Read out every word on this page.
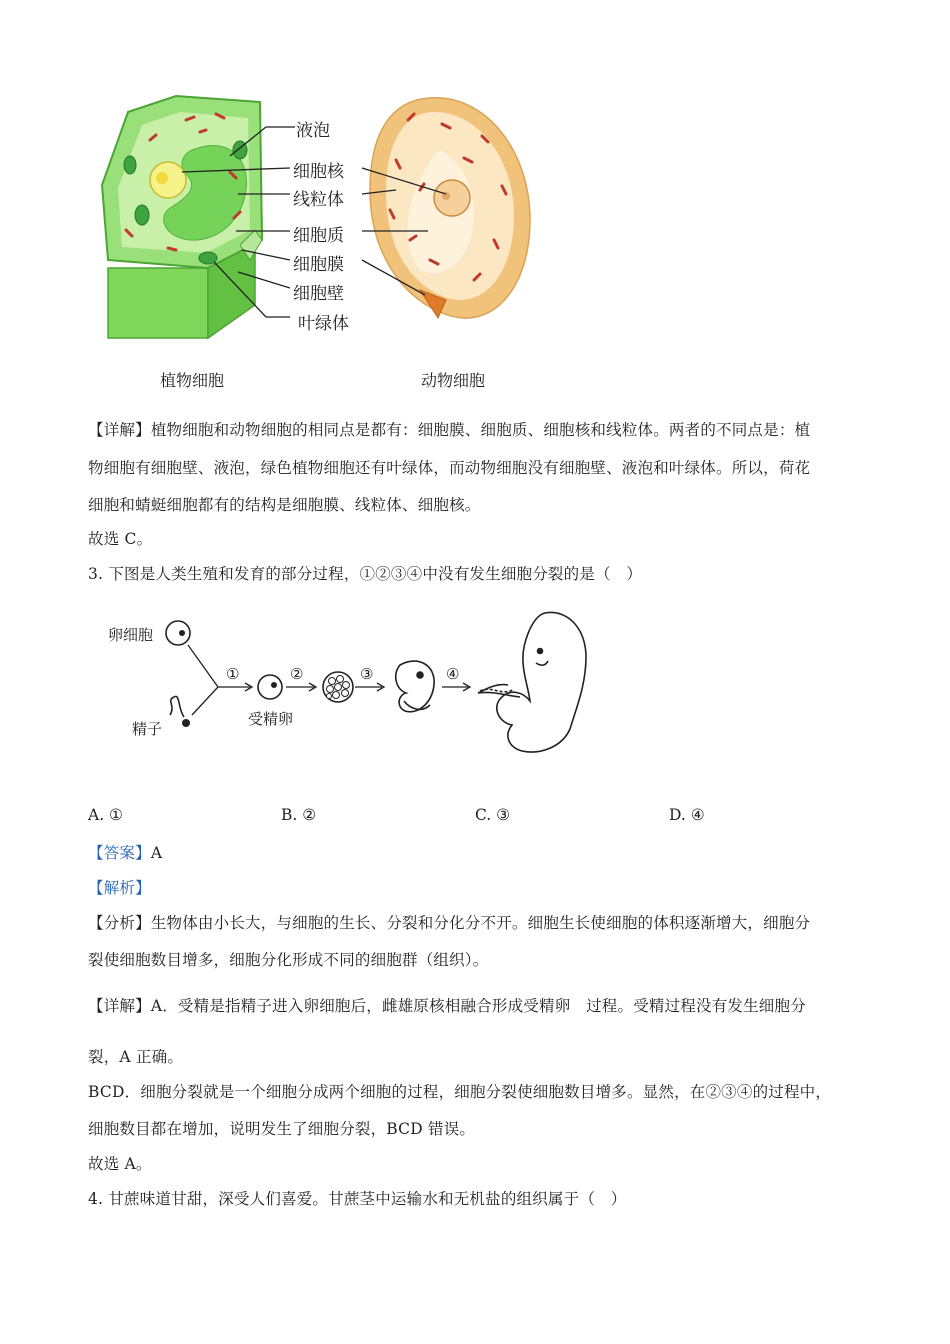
液泡
细胞核
线粒体
细胞质
细胞膜
细胞壁
叶绿体
植物细胞	动物细胞
【详解】植物细胞和动物细胞的相同点是都有：细胞膜、细胞质、细胞核和线粒体。两者的不同点是：植
物细胞有细胞壁、液泡，绿色植物细胞还有叶绿体，而动物细胞没有细胞壁、液泡和叶绿体。所以，荷花
细胞和蜻蜓细胞都有的结构是细胞膜、线粒体、细胞核。
故选 C。
3. 下图是人类生殖和发育的部分过程，①②③④中没有发生细胞分裂的是（　）
①	②	③	④
卵细胞
精子
受精卵
A. ①	B. ②	C. ③	D. ④
【答案】A
【解析】
【分析】生物体由小长大，与细胞的生长、分裂和分化分不开。细胞生长使细胞的体积逐渐增大，细胞分
裂使细胞数目增多，细胞分化形成不同的细胞群（组织）。
【详解】A．受精是指精子进入卵细胞后，雌雄原核相融合形成受精卵　过程。受精过程没有发生细胞分
裂，A 正确。
BCD．细胞分裂就是一个细胞分成两个细胞的过程，细胞分裂使细胞数目增多。显然，在②③④的过程中，
细胞数目都在增加，说明发生了细胞分裂，BCD 错误。
故选 A。
4. 甘蔗味道甘甜，深受人们喜爱。甘蔗茎中运输水和无机盐的组织属于（　）
